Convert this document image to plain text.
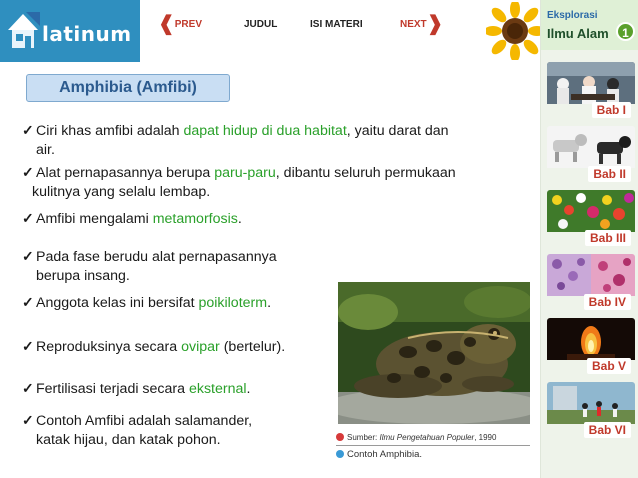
latinum ❰ PREV	JUDUL	ISI MATERI	NEXT ❱	Eksplorasi
Ilmu Alam	1
Bab I
Bab II
Bab III
Bab IV
Bab V
Bab VI
Amphibia (Amfibi)
✓ Ciri khas amfibi adalah dapat hidup di dua habitat, yaitu darat dan
air.
✓ Alat pernapasannya berupa paru-paru, dibantu seluruh permukaan
kulitnya yang selalu lembap.
✓ Amfibi mengalami metamorfosis.
✓ Pada fase berudu alat pernapasannya
berupa insang.
✓ Anggota kelas ini bersifat poikiloterm.
✓ Reproduksinya secara ovipar (bertelur).
✓ Fertilisasi terjadi secara eksternal.
✓ Contoh Amfibi adalah salamander,
katak hijau, dan katak pohon.	Sumber: Ilmu Pengetahuan Populer, 1990
Contoh Amphibia.
